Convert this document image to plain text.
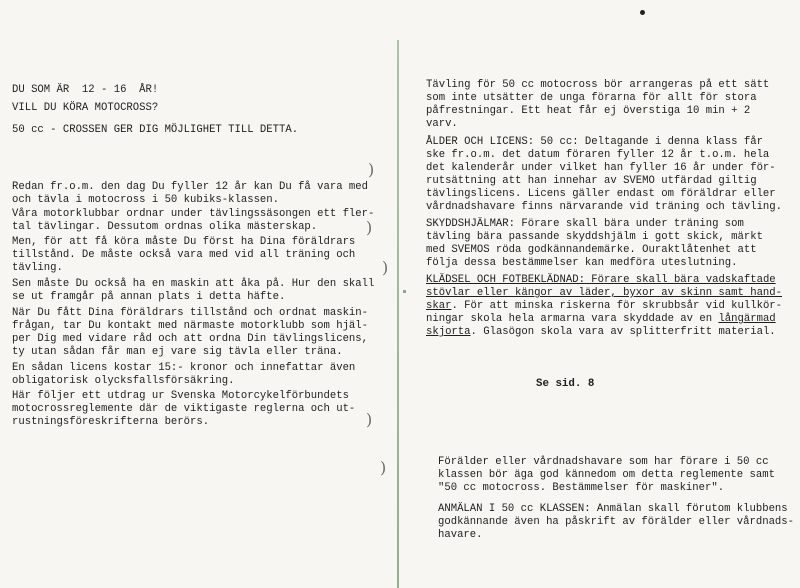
DU SOM ÄR  12 - 16  ÅR!
VILL DU KÖRA MOTOCROSS?
50 cc - CROSSEN GER DIG MÖJLIGHET TILL DETTA.
Redan fr.o.m. den dag Du fyller 12 år kan Du få vara med
och tävla i motocross i 50 kubiks-klassen.
Våra motorklubbar ordnar under tävlingssäsongen ett fler-
tal tävlingar. Dessutom ordnas olika mästerskap.
Men, för att få köra måste Du först ha Dina föräldrars
tillstånd. De måste också vara med vid all träning och
tävling.
Sen måste Du också ha en maskin att åka på. Hur den skall
se ut framgår på annan plats i detta häfte.
När Du fått Dina föräldrars tillstånd och ordnat maskin-
frågan, tar Du kontakt med närmaste motorklubb som hjäl-
per Dig med vidare råd och att ordna Din tävlingslicens,
ty utan sådan får man ej vare sig tävla eller träna.
En sådan licens kostar 15:- kronor och innefattar även
obligatorisk olycksfallsförsäkring.
Här följer ett utdrag ur Svenska Motorcykelförbundets
motocrossreglemente där de viktigaste reglerna och ut-
rustningsföreskrifterna berörs.
)
)
)
Tävling för 50 cc motocross bör arrangeras på ett sätt
som inte utsätter de unga förarna för allt för stora
påfrestningar. Ett heat får ej överstiga 10 min + 2
varv.
ÅLDER OCH LICENS: 50 cc: Deltagande i denna klass får
ske fr.o.m. det datum föraren fyller 12 år t.o.m. hela
det kalenderår under vilket han fyller 16 år under för-
rutsättning att han innehar av SVEMO utfärdad giltig
tävlingslicens. Licens gäller endast om föräldrar eller
vårdnadshavare finns närvarande vid träning och tävling.
SKYDDSHJÄLMAR: Förare skall bära under träning som
tävling bära passande skyddshjälm i gott skick, märkt
med SVEMOS röda godkännandemärke. Ouraktlåtenhet att
följa dessa bestämmelser kan medföra uteslutning.
KLÄDSEL OCH FOTBEKLÄDNAD: Förare skall bära vadskaftade
stövlar eller kängor av läder, byxor av skinn samt hand-
skar. För att minska riskerna för skrubbsår vid kullkör-
ningar skola hela armarna vara skyddade av en långärmad
skjorta. Glasögon skola vara av splitterfritt material.
Se sid. 8
Förälder eller vårdnadshavare som har förare i 50 cc
klassen bör äga god kännedom om detta reglemente samt
"50 cc motocross. Bestämmelser för maskiner".
ANMÄLAN I 50 cc KLASSEN: Anmälan skall förutom klubbens
godkännande även ha påskrift av förälder eller vårdnads-
havare.
)
)
